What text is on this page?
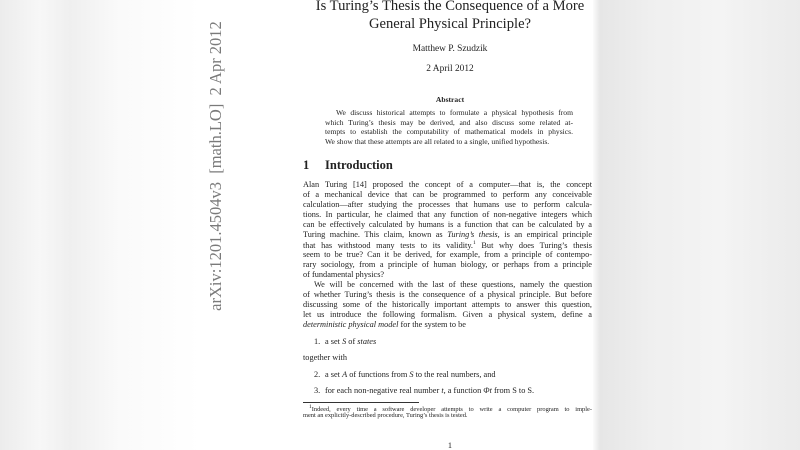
arXiv:1201.4504v3  [math.LO]  2 Apr 2012
Is Turing’s Thesis the Consequence of a More
General Physical Principle?
Matthew P. Szudzik
2 April 2012
Abstract
We discuss historical attempts to formulate a physical hypothesis from
which Turing’s thesis may be derived, and also discuss some related at-
tempts to establish the computability of mathematical models in physics.
We show that these attempts are all related to a single, unified hypothesis.
1 Introduction
Alan Turing [14] proposed the concept of a computer—that is, the concept
of a mechanical device that can be programmed to perform any conceivable
calculation—after studying the processes that humans use to perform calcula-
tions. In particular, he claimed that any function of non-negative integers which
can be effectively calculated by humans is a function that can be calculated by a
Turing machine. This claim, known as Turing’s thesis, is an empirical principle
that has withstood many tests to its validity.$^1$ But why does Turing’s thesis
seem to be true? Can it be derived, for example, from a principle of contempo-
rary sociology, from a principle of human biology, or perhaps from a principle
of fundamental physics?
We will be concerned with the last of these questions, namely the question
of whether Turing’s thesis is the consequence of a physical principle. But before
discussing some of the historically important attempts to answer this question,
let us introduce the following formalism. Given a physical system, define a
deterministic physical model for the system to be
1. a set S of states
together with
2. a set A of functions from S to the real numbers, and
3. for each non-negative real number t, a function Φt from S to S.
$^1$Indeed, every time a software developer attempts to write a computer program to imple-
ment an explicitly-described procedure, Turing’s thesis is tested.
1
